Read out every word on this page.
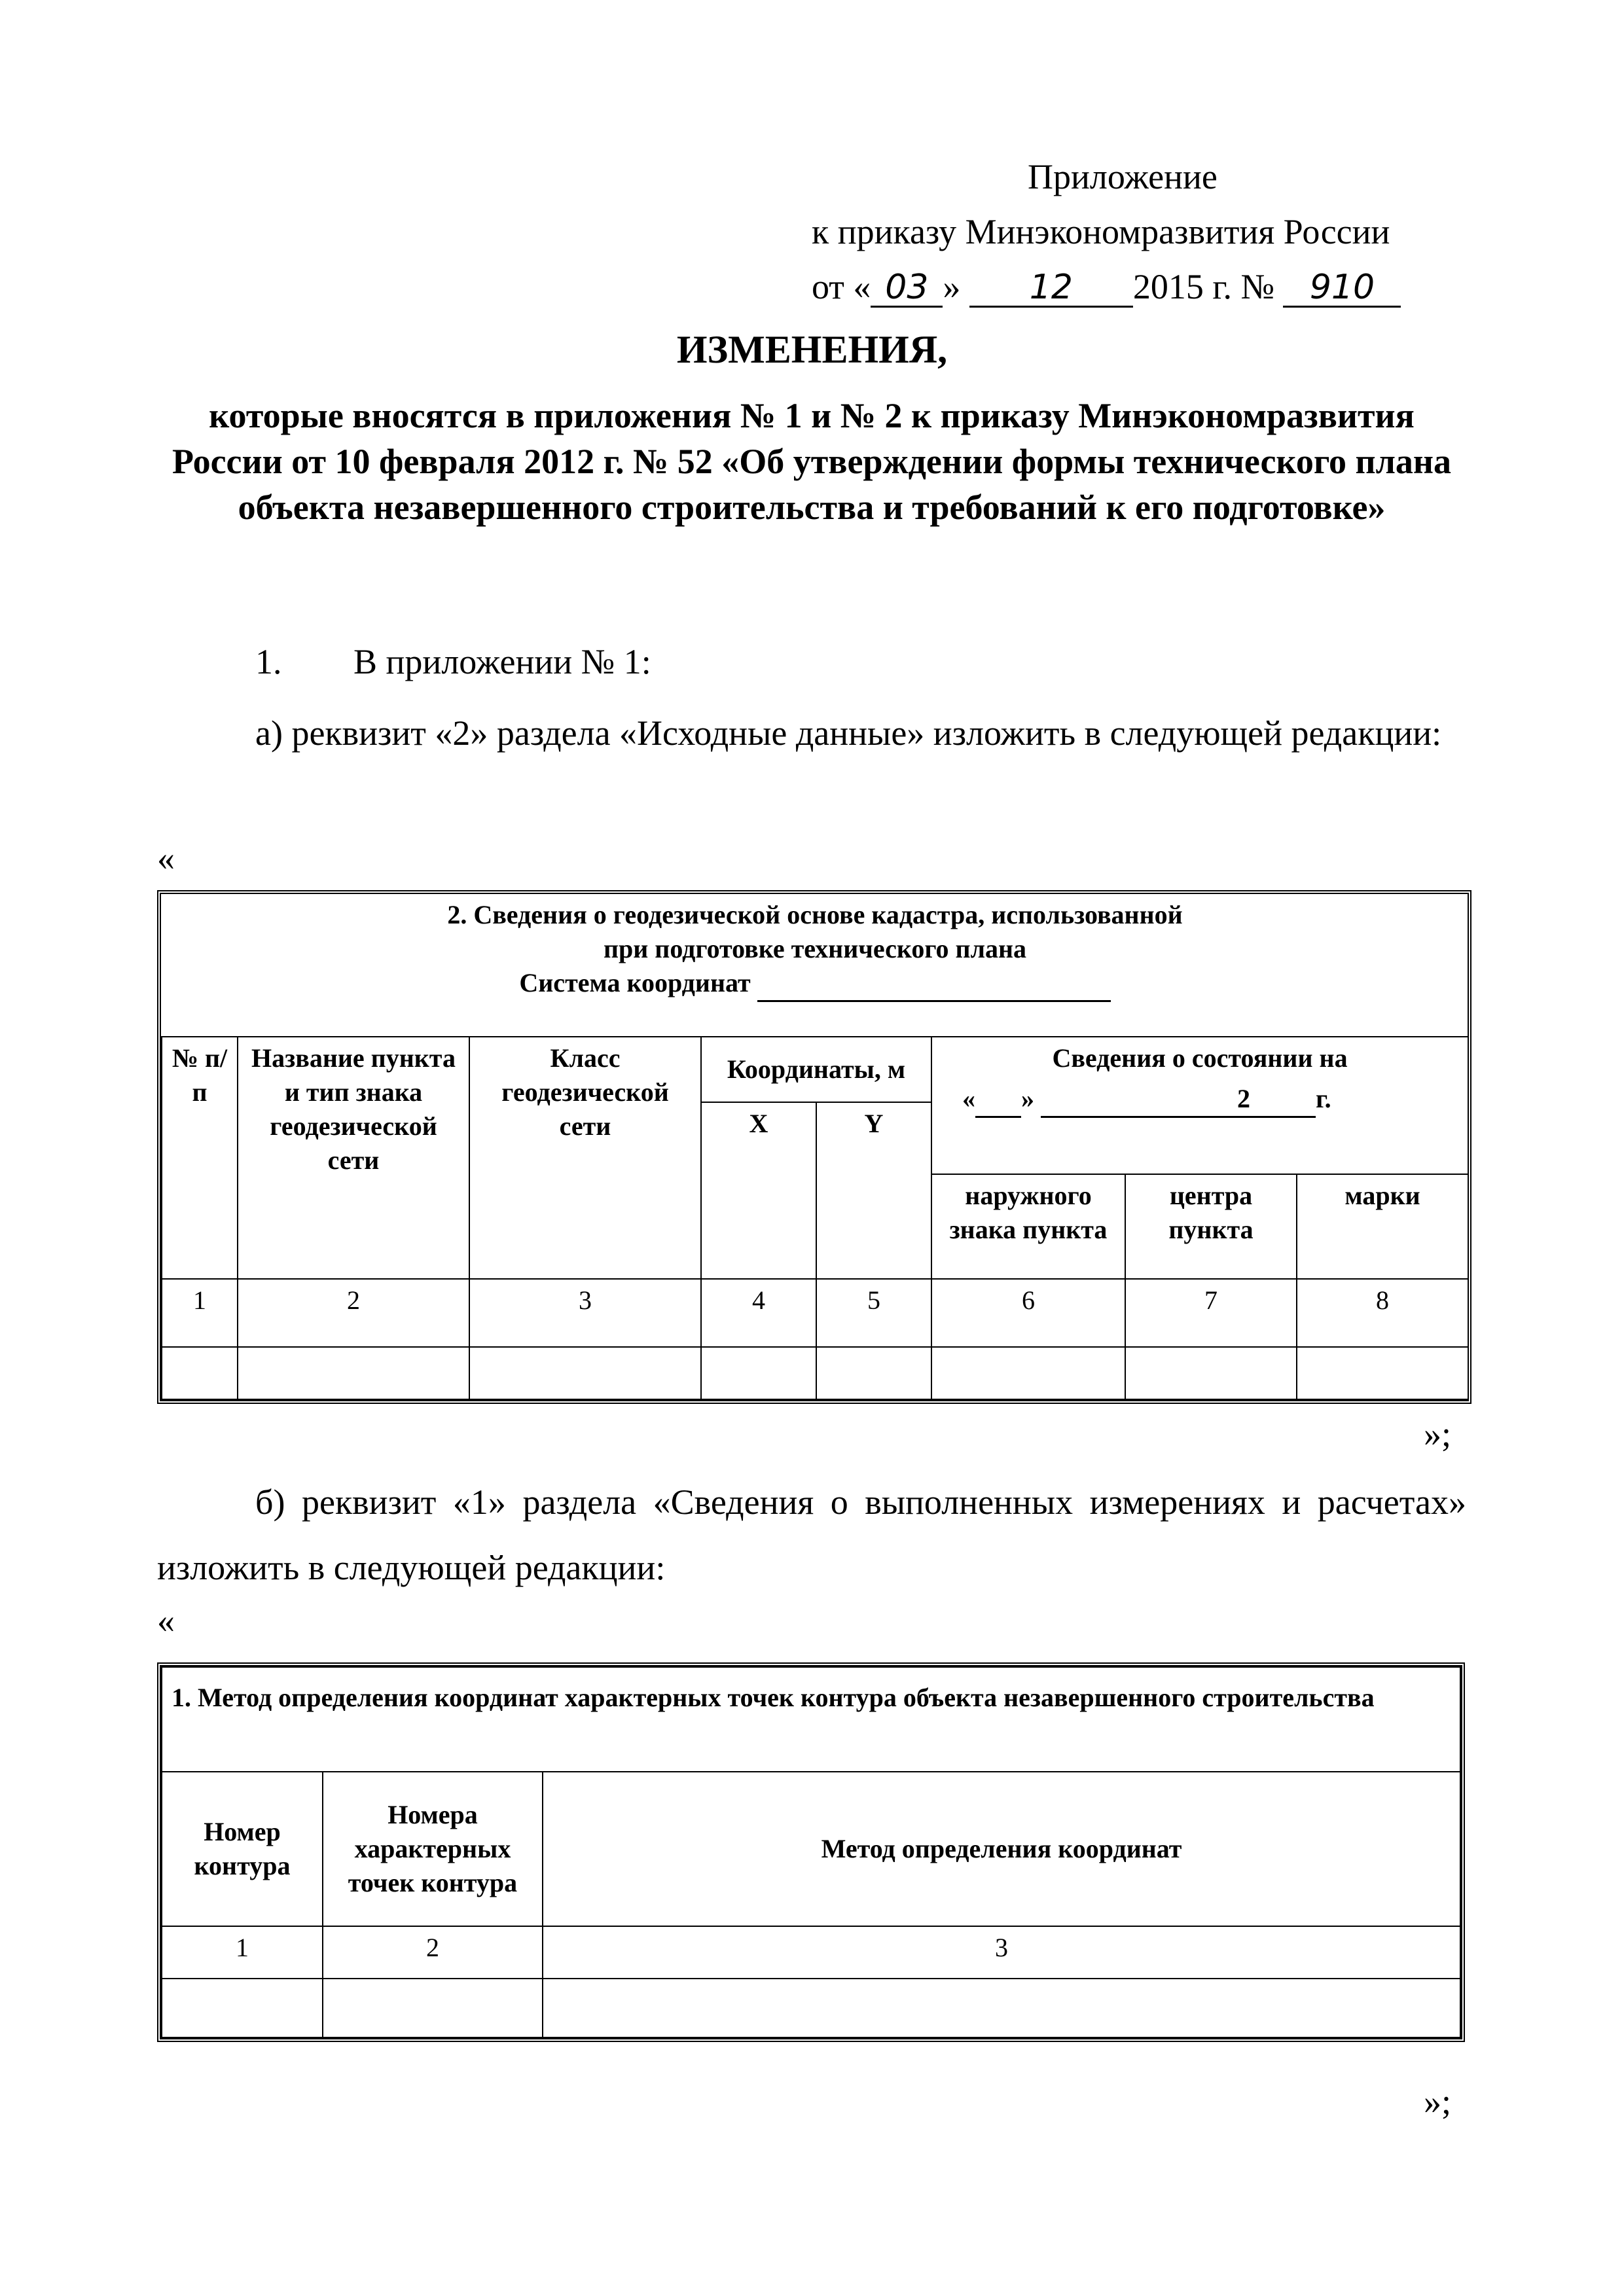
Приложение
к приказу Минэкономразвития России
от « 03 » 12 2015 г. № 910
ИЗМЕНЕНИЯ,
которые вносятся в приложения № 1 и № 2 к приказу Минэкономразвития России от 10 февраля 2012 г. № 52 «Об утверждении формы технического плана объекта незавершенного строительства и требований к его подготовке»
1. В приложении № 1:
а) реквизит «2» раздела «Исходные данные» изложить в следующей редакции:
«
2. Сведения о геодезической основе кадастра, использованной
при подготовке технического плана
Система координат							

№ п/п	Название пункта и тип знака геодезической сети	Класс геодезической сети	Координаты, м		Сведения о состоянии на
« » 2 г.		

			X	Y			
					наружного знака пункта	центра пункта	марки
1	2	3	4	5	6	7	8

»;
б) реквизит «1» раздела «Сведения о выполненных измерениях и расчетах» изложить в следующей редакции:
«
1. Метод определения координат характерных точек контура объекта незавершенного строительства		
Номер контура	Номера характерных точек контура	Метод определения координат
1	2	3

»;
